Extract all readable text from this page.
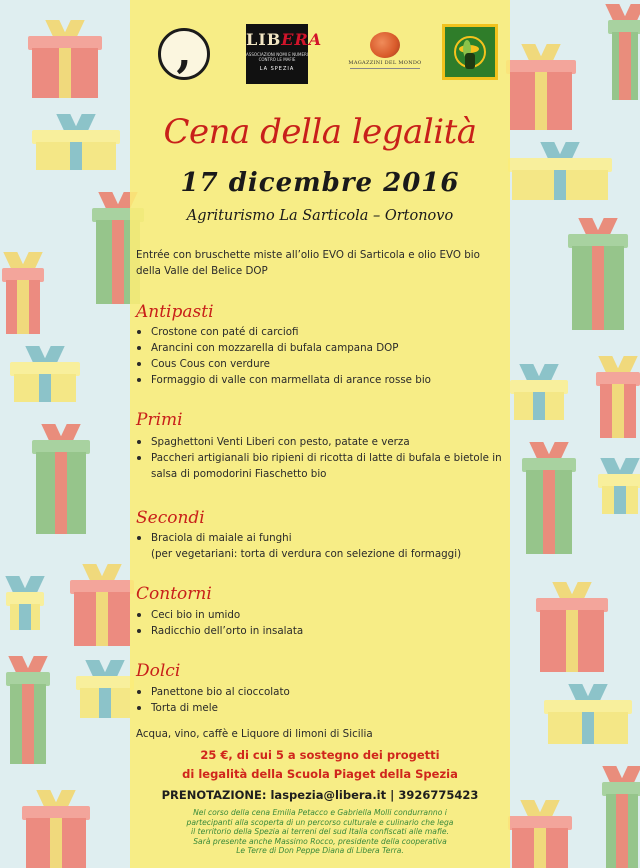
,	LIBERA
ASSOCIAZIONI NOMI E NUMERI CONTRO LE MAFIE
LA SPEZIA
MAGAZZINI DEL MONDO
Cena della legalità
17 dicembre 2016
Agriturismo La Sarticola – Ortonovo
Entrée con bruschette miste all’olio EVO di Sarticola e olio EVO bio della Valle del Belice DOP
Antipasti
Crostone con paté di carciofi
Arancini con mozzarella di bufala campana DOP
Cous Cous con verdure
Formaggio di valle con marmellata di arance rosse bio
Primi
Spaghettoni Venti Liberi con pesto, patate e verza
Paccheri artigianali bio ripieni di ricotta di latte di bufala e bietole in salsa di pomodorini Fiaschetto bio
Secondi
Braciola di maiale ai funghi
(per vegetariani: torta di verdura con selezione di formaggi)
Contorni
Ceci bio in umido
Radicchio dell’orto in insalata
Dolci
Panettone bio al cioccolato
Torta di mele
Acqua, vino, caffè e Liquore di limoni di Sicilia
25 €, di cui 5 a sostegno dei progetti
di legalità della Scuola Piaget della Spezia
PRENOTAZIONE: laspezia@libera.it | 3926775423
Nel corso della cena Emilia Petacco e Gabriella Molli condurranno i
partecipanti alla scoperta di un percorso culturale e culinario che lega
il territorio della Spezia ai terreni del sud Italia confiscati alle mafie.
Sarà presente anche Massimo Rocco, presidente della cooperativa
Le Terre di Don Peppe Diana di Libera Terra.
